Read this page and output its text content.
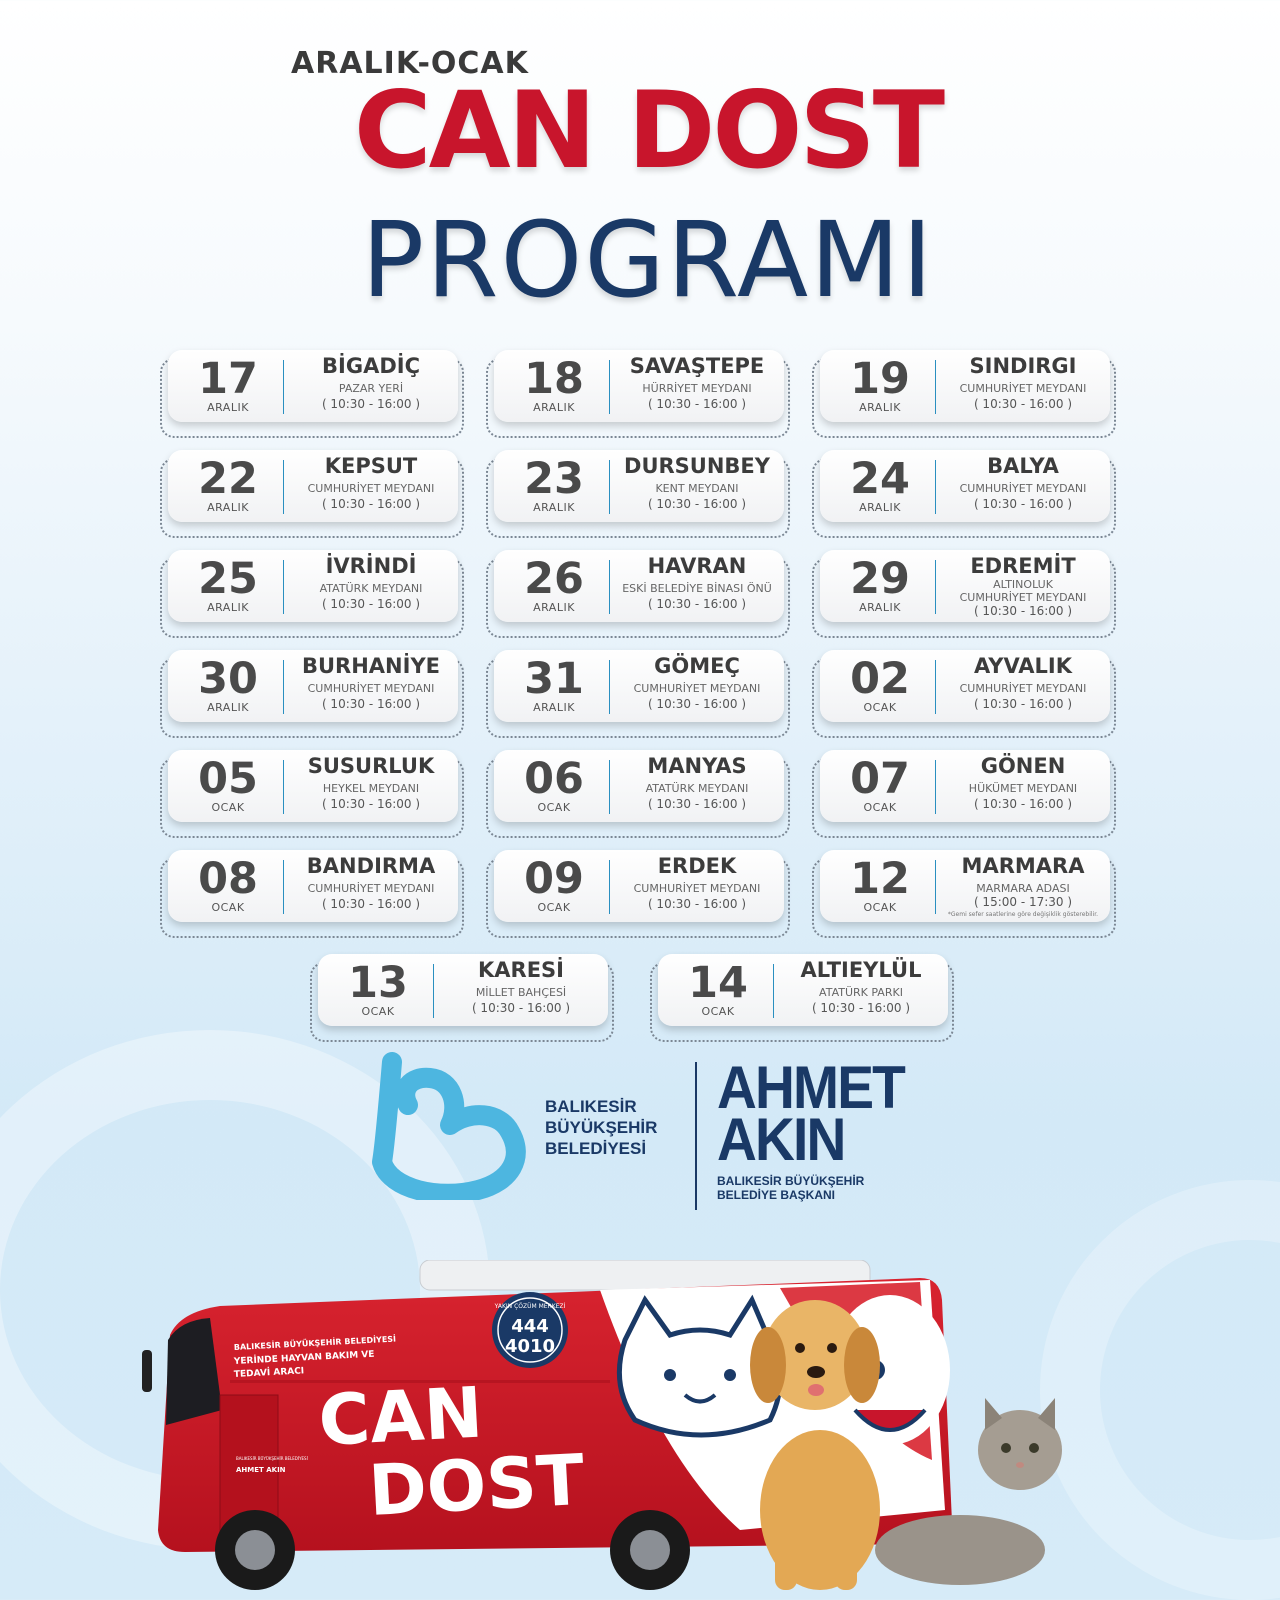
ARALIK-OCAK
CAN DOST
PROGRAMI
17
ARALIK
BİGADİÇ
PAZAR YERİ
( 10:30 - 16:00 )	18
ARALIK
SAVAŞTEPE
HÜRRİYET MEYDANI
( 10:30 - 16:00 )	19
ARALIK
SINDIRGI
CUMHURİYET MEYDANI
( 10:30 - 16:00 )
22
ARALIK
KEPSUT
CUMHURİYET MEYDANI
( 10:30 - 16:00 )	23
ARALIK
DURSUNBEY
KENT MEYDANI
( 10:30 - 16:00 )	24
ARALIK
BALYA
CUMHURİYET MEYDANI
( 10:30 - 16:00 )
25
ARALIK
İVRİNDİ
ATATÜRK MEYDANI
( 10:30 - 16:00 )	26
ARALIK
HAVRAN
ESKİ BELEDİYE BİNASI ÖNÜ
( 10:30 - 16:00 )	29
ARALIK
EDREMİT
ALTINOLUK
CUMHURİYET MEYDANI
( 10:30 - 16:00 )
30
ARALIK
BURHANİYE
CUMHURİYET MEYDANI
( 10:30 - 16:00 )	31
ARALIK
GÖMEÇ
CUMHURİYET MEYDANI
( 10:30 - 16:00 )	02
OCAK
AYVALIK
CUMHURİYET MEYDANI
( 10:30 - 16:00 )
05
OCAK
SUSURLUK
HEYKEL MEYDANI
( 10:30 - 16:00 )	06
OCAK
MANYAS
ATATÜRK MEYDANI
( 10:30 - 16:00 )	07
OCAK
GÖNEN
HÜKÜMET MEYDANI
( 10:30 - 16:00 )
08
OCAK
BANDIRMA
CUMHURİYET MEYDANI
( 10:30 - 16:00 )	09
OCAK
ERDEK
CUMHURİYET MEYDANI
( 10:30 - 16:00 )	12
OCAK
MARMARA
MARMARA ADASI
( 15:00 - 17:30 )
*Gemi sefer saatlerine göre değişiklik gösterebilir.
13
OCAK
KARESİ
MİLLET BAHÇESİ
( 10:30 - 16:00 )	14
OCAK
ALTIEYLÜL
ATATÜRK PARKI
( 10:30 - 16:00 )
BALIKESİR
BÜYÜKŞEHİR
BELEDİYESİ
AHMET
AKIN
BALIKESİR BÜYÜKŞEHİR
BELEDİYE BAŞKANI
YAKIN ÇÖZÜM MERKEZİ
444
4010
BALIKESİR BÜYÜKŞEHİR BELEDİYESİ
YERİNDE HAYVAN BAKIM VE
TEDAVİ ARACI CAN
DOST
BALIKESİR BÜYÜKŞEHİR BELEDİYESİ
AHMET AKIN
